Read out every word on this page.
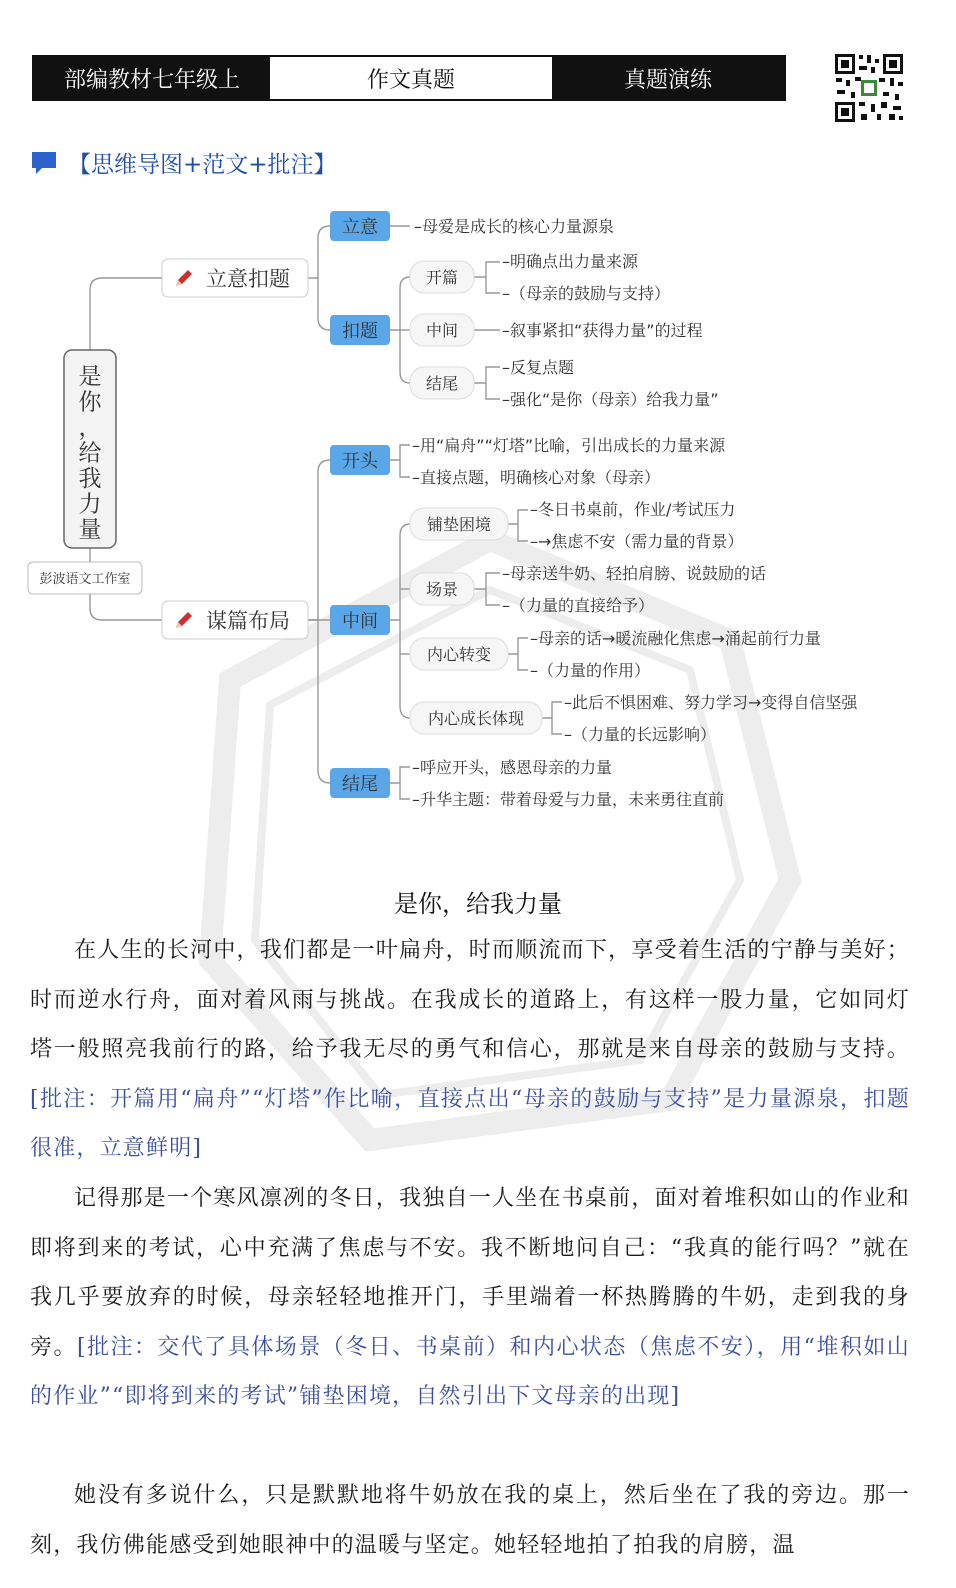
部编教材七年级上	作文真题	真题演练
【思维导图+范文+批注】
是你，给我力量
彭波语文工作室
立意扣题
立意 –母爱是成长的核心力量源泉
扣题
开篇
–明确点出力量来源
–（母亲的鼓励与支持）
中间	–叙事紧扣“获得力量”的过程
结尾
–反复点题
–强化“是你（母亲）给我力量”
谋篇布局
开头
–用“扁舟”“灯塔”比喻，引出成长的力量来源
–直接点题，明确核心对象（母亲）
中间
铺垫困境
–冬日书桌前，作业/考试压力
–→焦虑不安（需力量的背景）
场景
–母亲送牛奶、轻拍肩膀、说鼓励的话
–（力量的直接给予）
内心转变
–母亲的话→暖流融化焦虑→涌起前行力量
–（力量的作用）
内心成长体现
–此后不惧困难、努力学习→变得自信坚强
–（力量的长远影响）
结尾
–呼应开头，感恩母亲的力量
–升华主题：带着母爱与力量，未来勇往直前
是你，给我力量

在人生的长河中，我们都是一叶扁舟，时而顺流而下，享受着生活的宁静与美好；时而逆水行舟，面对着风雨与挑战。在我成长的道路上，有这样一股力量，它如同灯塔一般照亮我前行的路，给予我无尽的勇气和信心，那就是来自母亲的鼓励与支持。[批注：开篇用“扁舟”“灯塔”作比喻，直接点出“母亲的鼓励与支持”是力量源泉，扣题很准，立意鲜明]

记得那是一个寒风凛冽的冬日，我独自一人坐在书桌前，面对着堆积如山的作业和即将到来的考试，心中充满了焦虑与不安。我不断地问自己：“我真的能行吗？”就在我几乎要放弃的时候，母亲轻轻地推开门，手里端着一杯热腾腾的牛奶，走到我的身旁。[批注：交代了具体场景（冬日、书桌前）和内心状态（焦虑不安），用“堆积如山的作业”“即将到来的考试”铺垫困境，自然引出下文母亲的出现]

她没有多说什么，只是默默地将牛奶放在我的桌上，然后坐在了我的旁边。那一刻，我仿佛能感受到她眼神中的温暖与坚定。她轻轻地拍了拍我的肩膀，温
